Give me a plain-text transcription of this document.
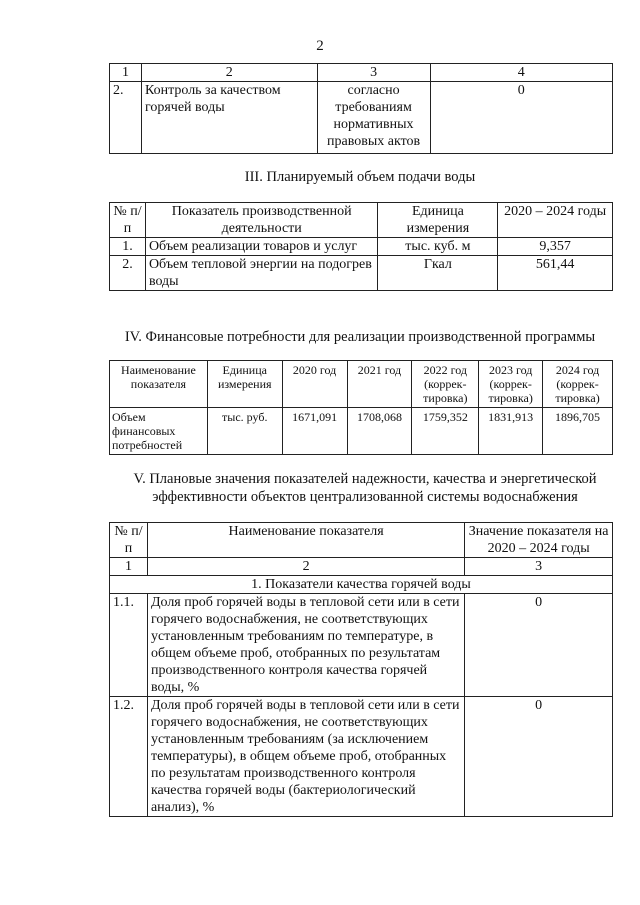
2
1	2	3	4
2.	Контроль за качеством горячей воды	согласно требованиям нормативных правовых актов	0
III. Планируемый объем подачи воды
№ п/п	Показатель производственной деятельности	Единица измерения	2020 – 2024 годы
1.	Объем реализации товаров и услуг	тыс. куб. м	9,357
2.	Объем тепловой энергии на подогрев воды	Гкал	561,44
IV. Финансовые потребности для реализации производственной программы
Наименование показателя	Единица измерения	2020 год	2021 год	2022 год (коррек-тировка)	2023 год (коррек-тировка)	2024 год (коррек-тировка)
Объем финансовых потребностей	тыс. руб.	1671,091	1708,068	1759,352	1831,913	1896,705
V. Плановые значения показателей надежности, качества и энергетической эффективности объектов централизованной системы водоснабжения
№ п/п	Наименование показателя	Значение показателя на 2020 – 2024 годы
1	2	3
1. Показатели качества горячей воды		
1.1.	Доля проб горячей воды в тепловой сети или в сети горячего водоснабжения, не соответствующих установленным требованиям по температуре, в общем объеме проб, отобранных по результатам производственного контроля качества горячей воды, %	0
1.2.	Доля проб горячей воды в тепловой сети или в сети горячего водоснабжения, не соответствующих установленным требованиям (за исключением температуры), в общем объеме проб, отобранных по результатам производственного контроля качества горячей воды (бактериологический анализ), %	0
